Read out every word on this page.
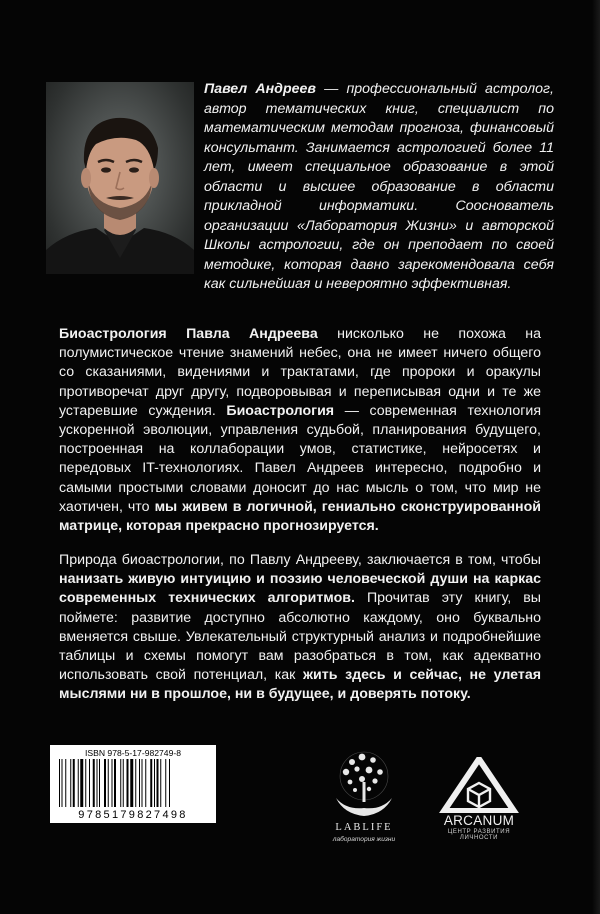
Павел Андреев — профессиональный астролог, автор тематических книг, специалист по математическим методам прогноза, финансовый консультант. Занимается астрологией более 11 лет, имеет специальное образование в этой области и высшее образование в области прикладной информатики. Сооснователь организации «Лаборатория Жизни» и авторской Школы астрологии, где он преподает по своей методике, которая давно зарекомендовала себя как сильнейшая и невероятно эффективная.
Биоастрология Павла Андреева нисколько не похожа на полумистическое чтение знамений небес, она не имеет ничего общего со сказаниями, видениями и трактатами, где пророки и оракулы противоречат друг другу, подворовывая и переписывая одни и те же устаревшие суждения. Биоастрология — современная технология ускоренной эволюции, управления судьбой, планирования будущего, построенная на коллаборации умов, статистике, нейросетях и передовых IT-технологиях. Павел Андреев интересно, подробно и самыми простыми словами доносит до нас мысль о том, что мир не хаотичен, что мы живем в логичной, гениально сконструированной матрице, которая прекрасно прогнозируется.
Природа биоастрологии, по Павлу Андрееву, заключается в том, чтобы нанизать живую интуицию и поэзию человеческой души на каркас современных технических алгоритмов. Прочитав эту книгу, вы поймете: развитие доступно абсолютно каждому, оно буквально вменяется свыше. Увлекательный структурный анализ и подробнейшие таблицы и схемы помогут вам разобраться в том, как адекватно использовать свой потенциал, как жить здесь и сейчас, не улетая мыслями ни в прошлое, ни в будущее, и доверять потоку.
ISBN 978-5-17-982749-8
9785179827498
LABLIFE
лаборатория жизни
ARCANUM
ЦЕНТР РАЗВИТИЯ ЛИЧНОСТИ
